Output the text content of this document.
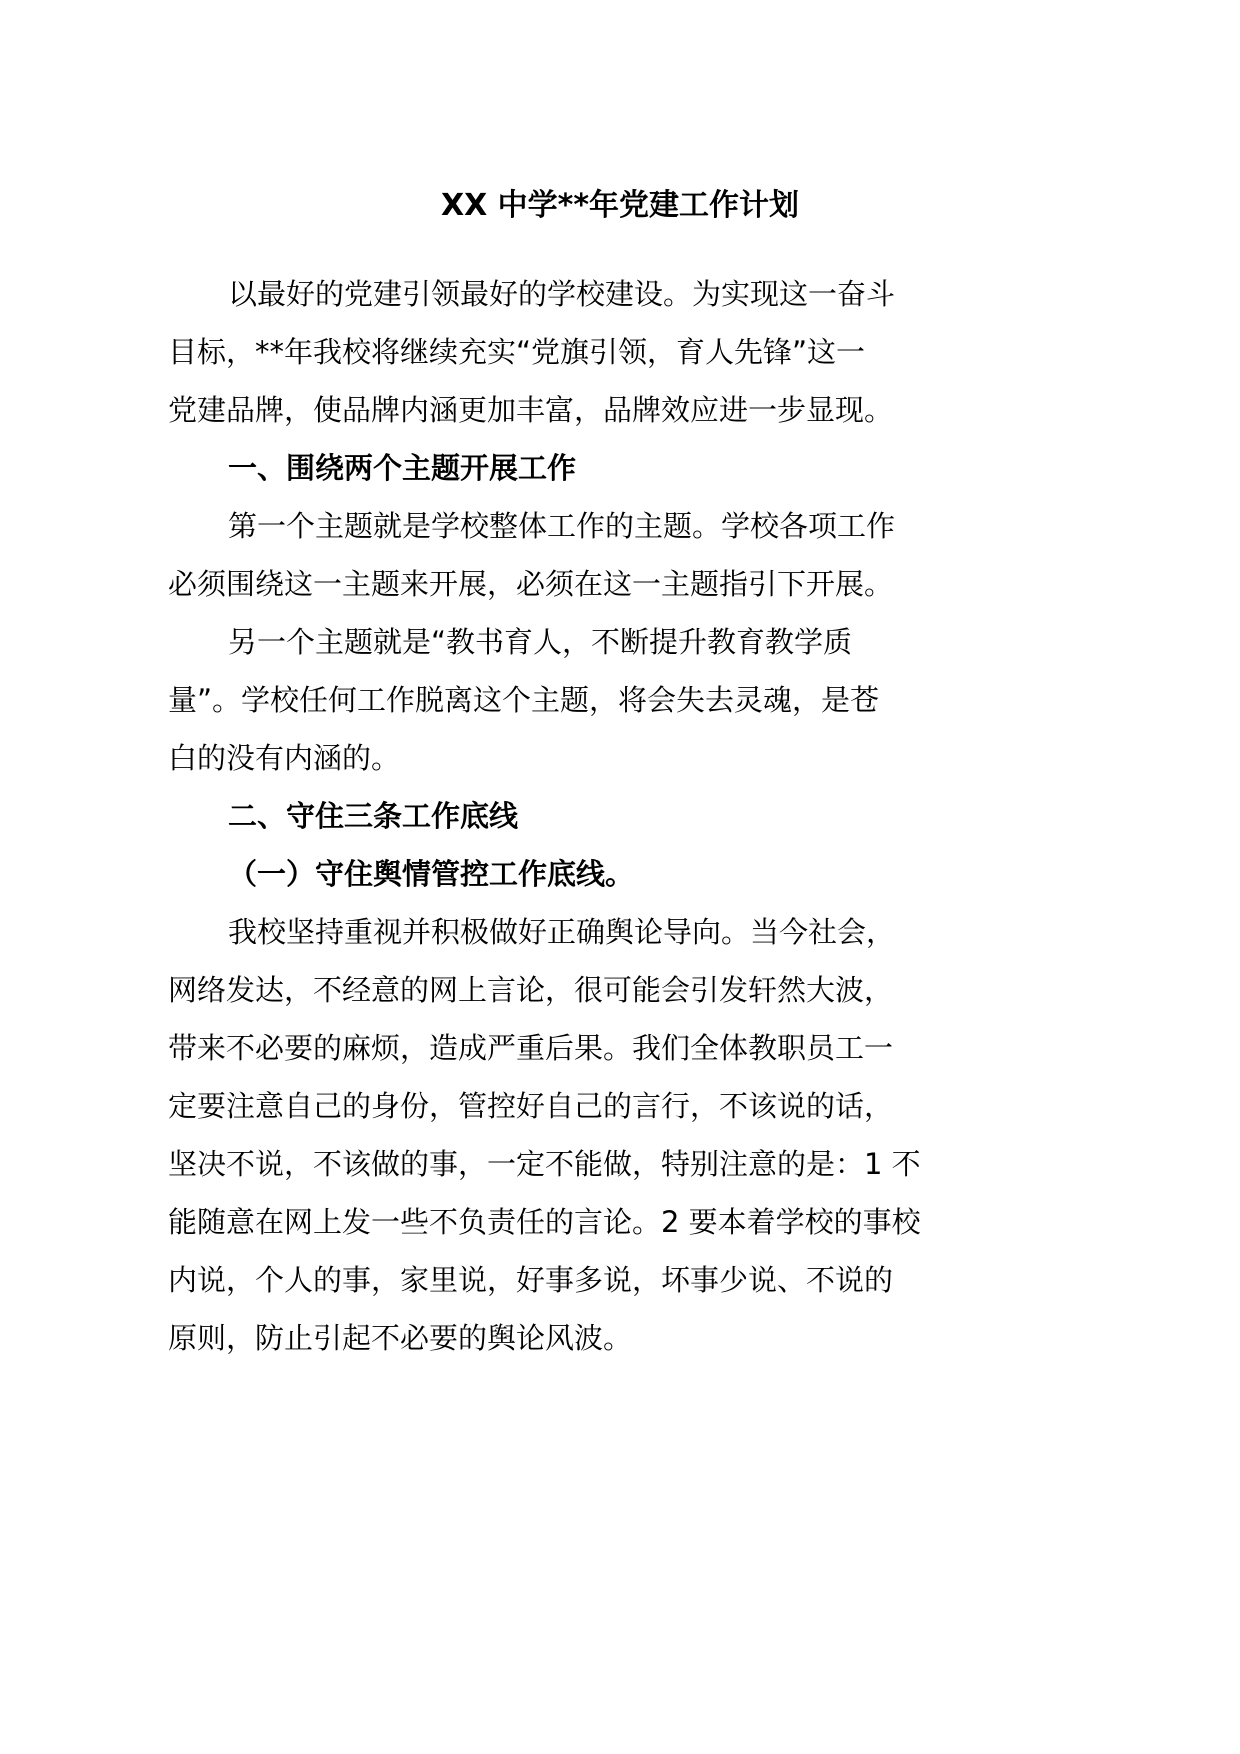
XX 中学**年党建工作计划
以最好的党建引领最好的学校建设。为实现这一奋斗
目标，**年我校将继续充实“党旗引领，育人先锋”这一
党建品牌，使品牌内涵更加丰富，品牌效应进一步显现。
一、围绕两个主题开展工作
第一个主题就是学校整体工作的主题。学校各项工作
必须围绕这一主题来开展，必须在这一主题指引下开展。
另一个主题就是“教书育人，不断提升教育教学质
量”。学校任何工作脱离这个主题，将会失去灵魂，是苍
白的没有内涵的。
二、守住三条工作底线
（一）守住舆情管控工作底线。
我校坚持重视并积极做好正确舆论导向。当今社会，
网络发达，不经意的网上言论，很可能会引发轩然大波，
带来不必要的麻烦，造成严重后果。我们全体教职员工一
定要注意自己的身份，管控好自己的言行，不该说的话，
坚决不说，不该做的事，一定不能做，特别注意的是：1 不
能随意在网上发一些不负责任的言论。2 要本着学校的事校
内说，个人的事，家里说，好事多说，坏事少说、不说的
原则，防止引起不必要的舆论风波。
